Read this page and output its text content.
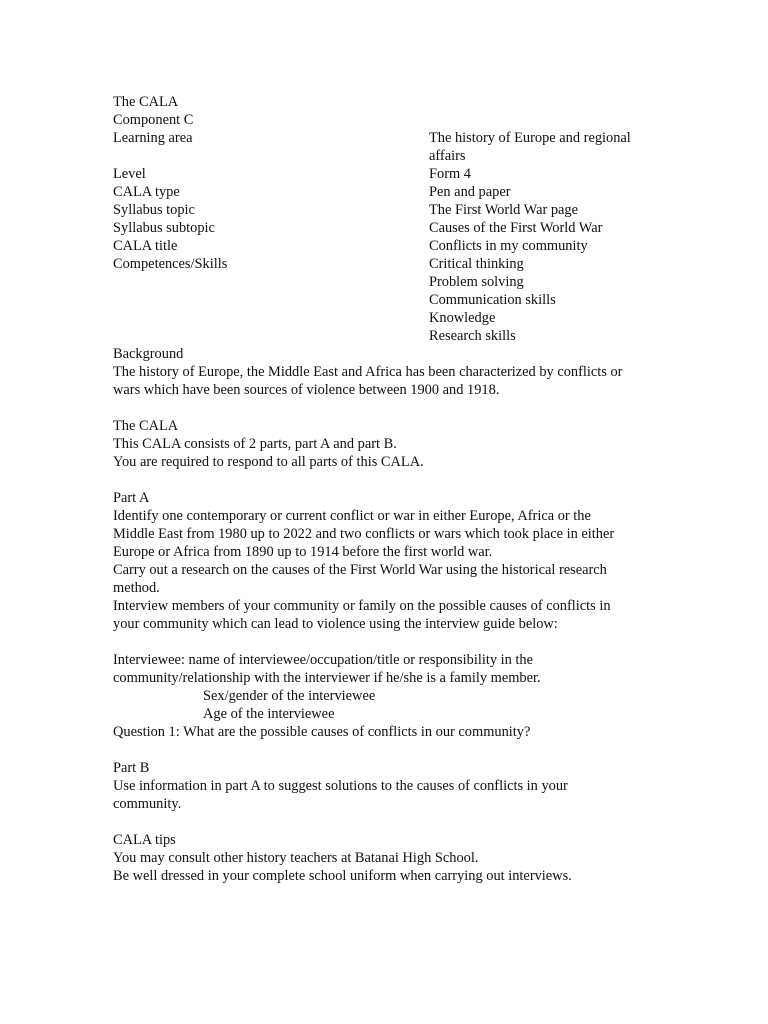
The CALA
Component C
Learning area	The history of Europe and regional
affairs
Level	Form 4
CALA type	Pen and paper
Syllabus topic	The First World War page
Syllabus subtopic	Causes of the First World War
CALA title	Conflicts in my community
Competences/Skills	Critical thinking
Problem solving
Communication skills
Knowledge
Research skills
Background
The history of Europe, the Middle East and Africa has been characterized by conflicts or
wars which have been sources of violence between 1900 and 1918.
The CALA
This CALA consists of 2 parts, part A and part B.
You are required to respond to all parts of this CALA.
Part A
Identify one contemporary or current conflict or war in either Europe, Africa or the
Middle East from 1980 up to 2022 and two conflicts or wars which took place in either
Europe or Africa from 1890 up to 1914 before the first world war.
Carry out a research on the causes of the First World War using the historical research
method.
Interview members of your community or family on the possible causes of conflicts in
your community which can lead to violence using the interview guide below:
Interviewee: name of interviewee/occupation/title or responsibility in the
community/relationship with the interviewer if he/she is a family member.
Sex/gender of the interviewee
Age of the interviewee
Question 1: What are the possible causes of conflicts in our community?
Part B
Use information in part A to suggest solutions to the causes of conflicts in your
community.
CALA tips
You may consult other history teachers at Batanai High School.
Be well dressed in your complete school uniform when carrying out interviews.
